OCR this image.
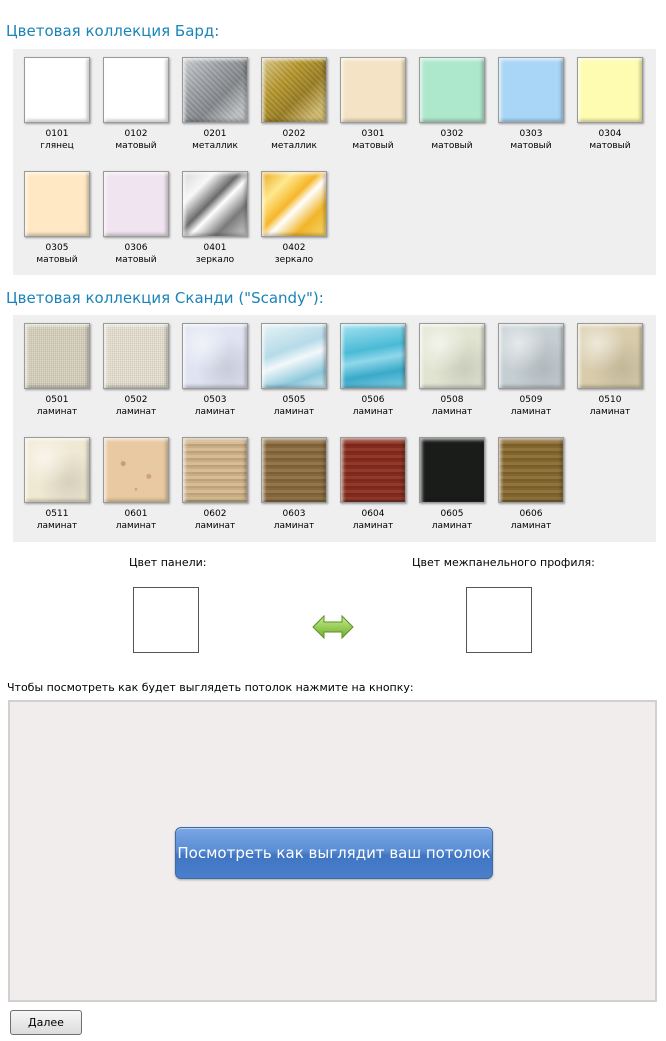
Цветовая коллекция Бард:
0101
глянец
0102
матовый
0201
металлик
0202
металлик
0301
матовый
0302
матовый
0303
матовый
0304
матовый
0305
матовый
0306
матовый
0401
зеркало
0402
зеркало
Цветовая коллекция Сканди ("Scandy"):
0501
ламинат
0502
ламинат
0503
ламинат
0505
ламинат
0506
ламинат
0508
ламинат
0509
ламинат
0510
ламинат
0511
ламинат
0601
ламинат
0602
ламинат
0603
ламинат
0604
ламинат
0605
ламинат
0606
ламинат
Цвет панели:	Цвет межпанельного профиля:
Чтобы посмотреть как будет выглядеть потолок нажмите на кнопку:
Посмотреть как выглядит ваш потолок
Далее
